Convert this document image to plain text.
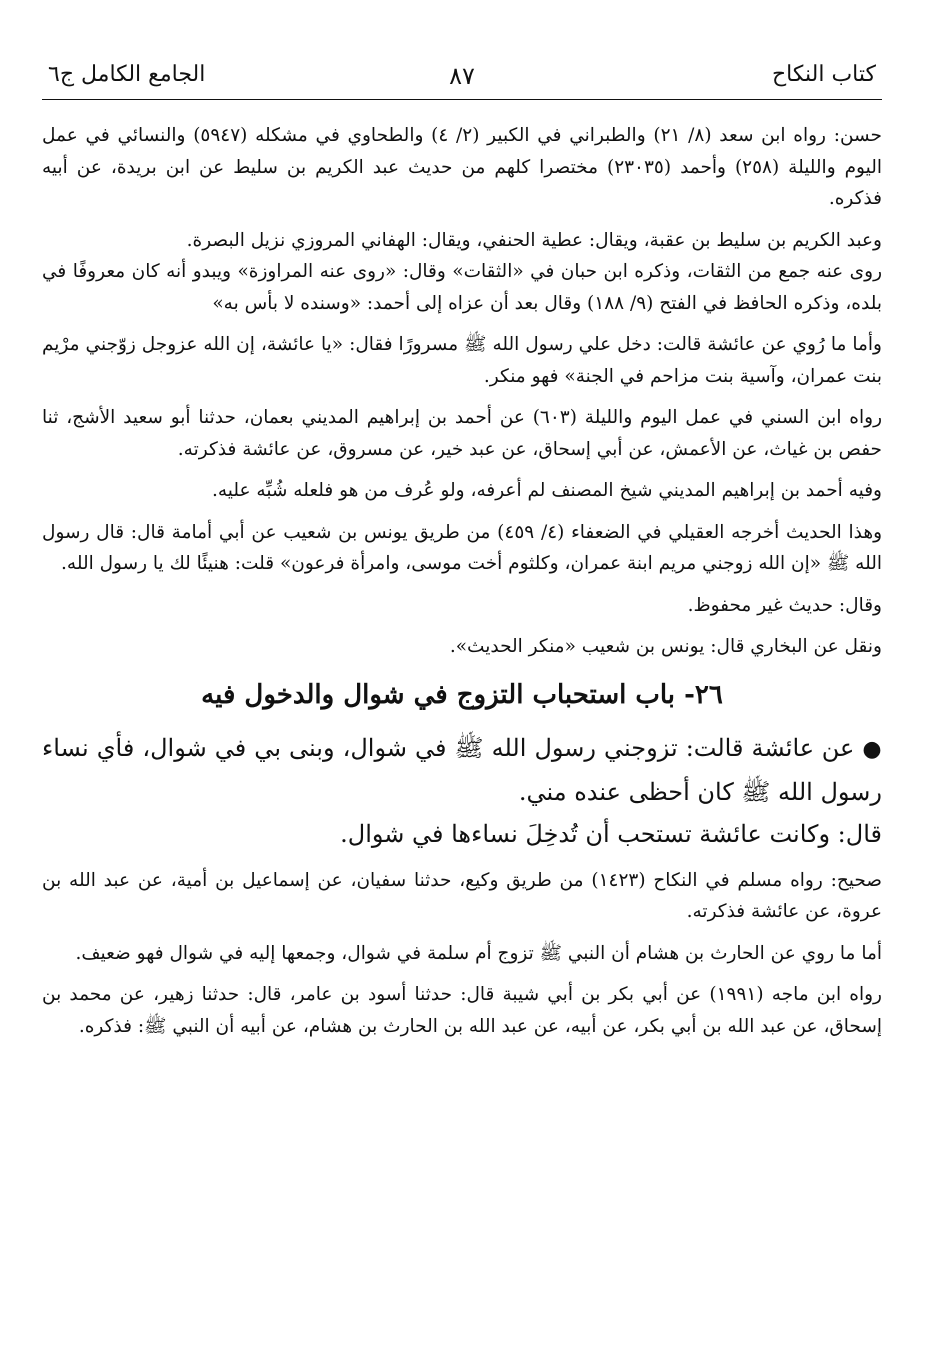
كتاب النكاح
٨٧
الجامع الكامل ج٦

حسن: رواه ابن سعد (٨/ ٢١) والطبراني في الكبير (٢/ ٤) والطحاوي في مشكله (٥٩٤٧) والنسائي في عمل اليوم والليلة (٢٥٨) وأحمد (٢٣٠٣٥) مختصرا كلهم من حديث عبد الكريم بن سليط عن ابن بريدة، عن أبيه فذكره.

وعبد الكريم بن سليط بن عقبة، ويقال: عطية الحنفي، ويقال: الهفاني المروزي نزيل البصرة.

روى عنه جمع من الثقات، وذكره ابن حبان في «الثقات» وقال: «روى عنه المراوزة» ويبدو أنه كان معروفًا في بلده، وذكره الحافظ في الفتح (٩/ ١٨٨) وقال بعد أن عزاه إلى أحمد: «وسنده لا بأس به»

وأما ما رُوي عن عائشة قالت: دخل علي رسول الله ﷺ مسرورًا فقال: «يا عائشة، إن الله عزوجل زوّجني مرْيم بنت عمران، وآسية بنت مزاحم في الجنة» فهو منكر.

رواه ابن السني في عمل اليوم والليلة (٦٠٣) عن أحمد بن إبراهيم المديني بعمان، حدثنا أبو سعيد الأشج، ثنا حفص بن غياث، عن الأعمش، عن أبي إسحاق، عن عبد خير، عن مسروق، عن عائشة فذكرته.

وفيه أحمد بن إبراهيم المديني شيخ المصنف لم أعرفه، ولو عُرف من هو فلعله شُبِّه عليه.

وهذا الحديث أخرجه العقيلي في الضعفاء (٤/ ٤٥٩) من طريق يونس بن شعيب عن أبي أمامة قال: قال رسول الله ﷺ «إن الله زوجني مريم ابنة عمران، وكلثوم أخت موسى، وامرأة فرعون» قلت: هنيئًا لك يا رسول الله.

وقال: حديث غير محفوظ.

ونقل عن البخاري قال: يونس بن شعيب «منكر الحديث».

٢٦- باب استحباب التزوج في شوال والدخول فيه

● عن عائشة قالت: تزوجني رسول الله ﷺ في شوال، وبنى بي في شوال، فأي نساء رسول الله ﷺ كان أحظى عنده مني.

قال: وكانت عائشة تستحب أن تُدخِلَ نساءها في شوال.

صحيح: رواه مسلم في النكاح (١٤٢٣) من طريق وكيع، حدثنا سفيان، عن إسماعيل بن أمية، عن عبد الله بن عروة، عن عائشة فذكرته.

أما ما روي عن الحارث بن هشام أن النبي ﷺ تزوج أم سلمة في شوال، وجمعها إليه في شوال فهو ضعيف.

رواه ابن ماجه (١٩٩١) عن أبي بكر بن أبي شيبة قال: حدثنا أسود بن عامر، قال: حدثنا زهير، عن محمد بن إسحاق، عن عبد الله بن أبي بكر، عن أبيه، عن عبد الله بن الحارث بن هشام، عن أبيه أن النبي ﷺ: فذكره.
